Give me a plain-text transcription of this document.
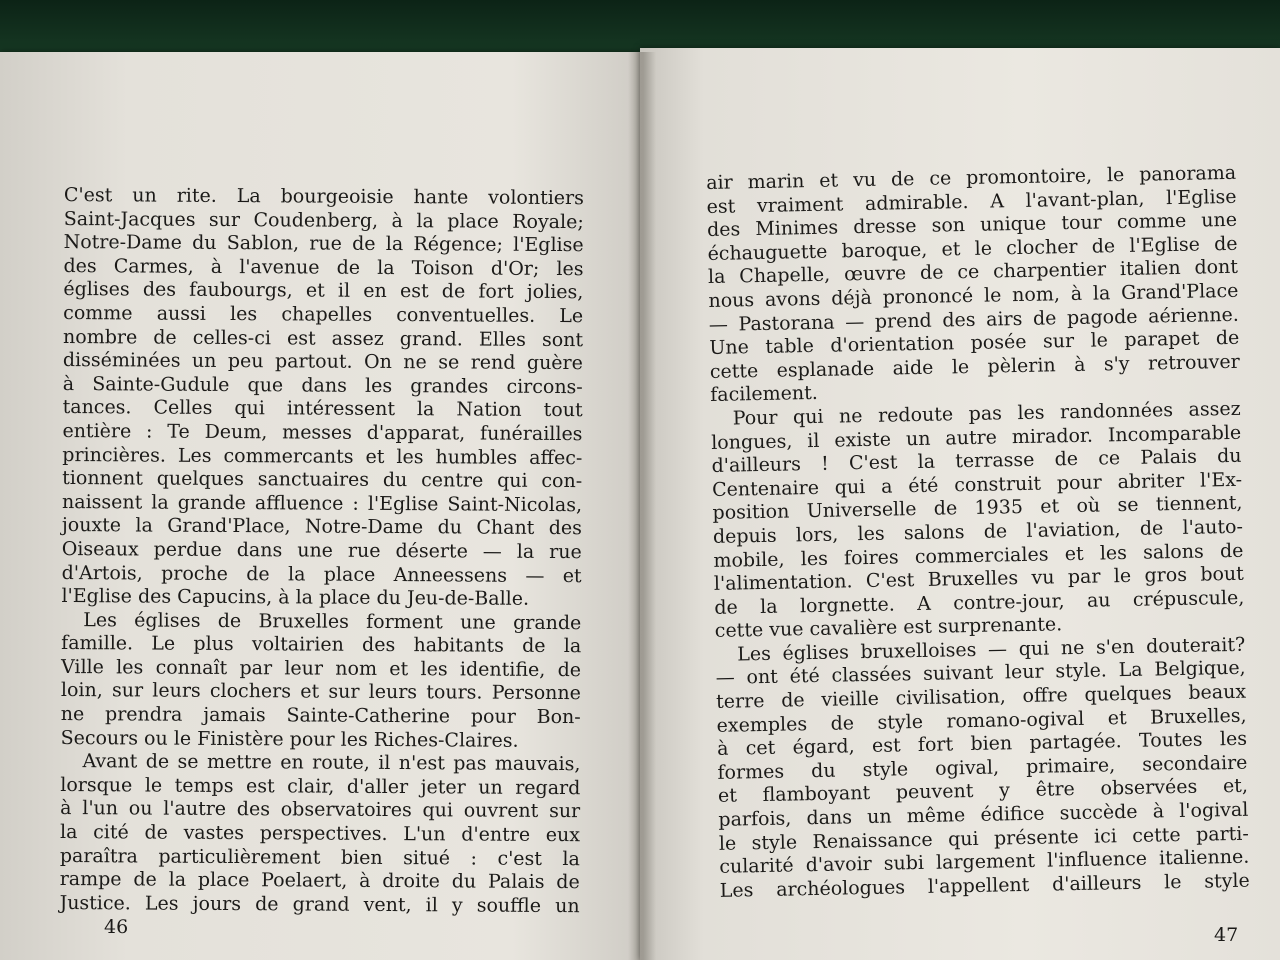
C'est un rite. La bourgeoisie hante volontiers
Saint-Jacques sur Coudenberg, à la place Royale;
Notre-Dame du Sablon, rue de la Régence; l'Eglise
des Carmes, à l'avenue de la Toison d'Or; les
églises des faubourgs, et il en est de fort jolies,
comme aussi les chapelles conventuelles. Le
nombre de celles-ci est assez grand. Elles sont
disséminées un peu partout. On ne se rend guère
à Sainte-Gudule que dans les grandes circons-
tances. Celles qui intéressent la Nation tout
entière : Te Deum, messes d'apparat, funérailles
princières. Les commercants et les humbles affec-
tionnent quelques sanctuaires du centre qui con-
naissent la grande affluence : l'Eglise Saint-Nicolas,
jouxte la Grand'Place, Notre-Dame du Chant des
Oiseaux perdue dans une rue déserte — la rue
d'Artois, proche de la place Anneessens — et
l'Eglise des Capucins, à la place du Jeu-de-Balle.
Les églises de Bruxelles forment une grande
famille. Le plus voltairien des habitants de la
Ville les connaît par leur nom et les identifie, de
loin, sur leurs clochers et sur leurs tours. Personne
ne prendra jamais Sainte-Catherine pour Bon-
Secours ou le Finistère pour les Riches-Claires.
Avant de se mettre en route, il n'est pas mauvais,
lorsque le temps est clair, d'aller jeter un regard
à l'un ou l'autre des observatoires qui ouvrent sur
la cité de vastes perspectives. L'un d'entre eux
paraîtra particulièrement bien situé : c'est la
rampe de la place Poelaert, à droite du Palais de
Justice. Les jours de grand vent, il y souffle un
air marin et vu de ce promontoire, le panorama
est vraiment admirable. A l'avant-plan, l'Eglise
des Minimes dresse son unique tour comme une
échauguette baroque, et le clocher de l'Eglise de
la Chapelle, œuvre de ce charpentier italien dont
nous avons déjà prononcé le nom, à la Grand'Place
— Pastorana — prend des airs de pagode aérienne.
Une table d'orientation posée sur le parapet de
cette esplanade aide le pèlerin à s'y retrouver
facilement.
Pour qui ne redoute pas les randonnées assez
longues, il existe un autre mirador. Incomparable
d'ailleurs ! C'est la terrasse de ce Palais du
Centenaire qui a été construit pour abriter l'Ex-
position Universelle de 1935 et où se tiennent,
depuis lors, les salons de l'aviation, de l'auto-
mobile, les foires commerciales et les salons de
l'alimentation. C'est Bruxelles vu par le gros bout
de la lorgnette. A contre-jour, au crépuscule,
cette vue cavalière est surprenante.
Les églises bruxelloises — qui ne s'en douterait?
— ont été classées suivant leur style. La Belgique,
terre de vieille civilisation, offre quelques beaux
exemples de style romano-ogival et Bruxelles,
à cet égard, est fort bien partagée. Toutes les
formes du style ogival, primaire, secondaire
et flamboyant peuvent y être observées et,
parfois, dans un même édifice succède à l'ogival
le style Renaissance qui présente ici cette parti-
cularité d'avoir subi largement l'influence italienne.
Les archéologues l'appellent d'ailleurs le style
46	47
